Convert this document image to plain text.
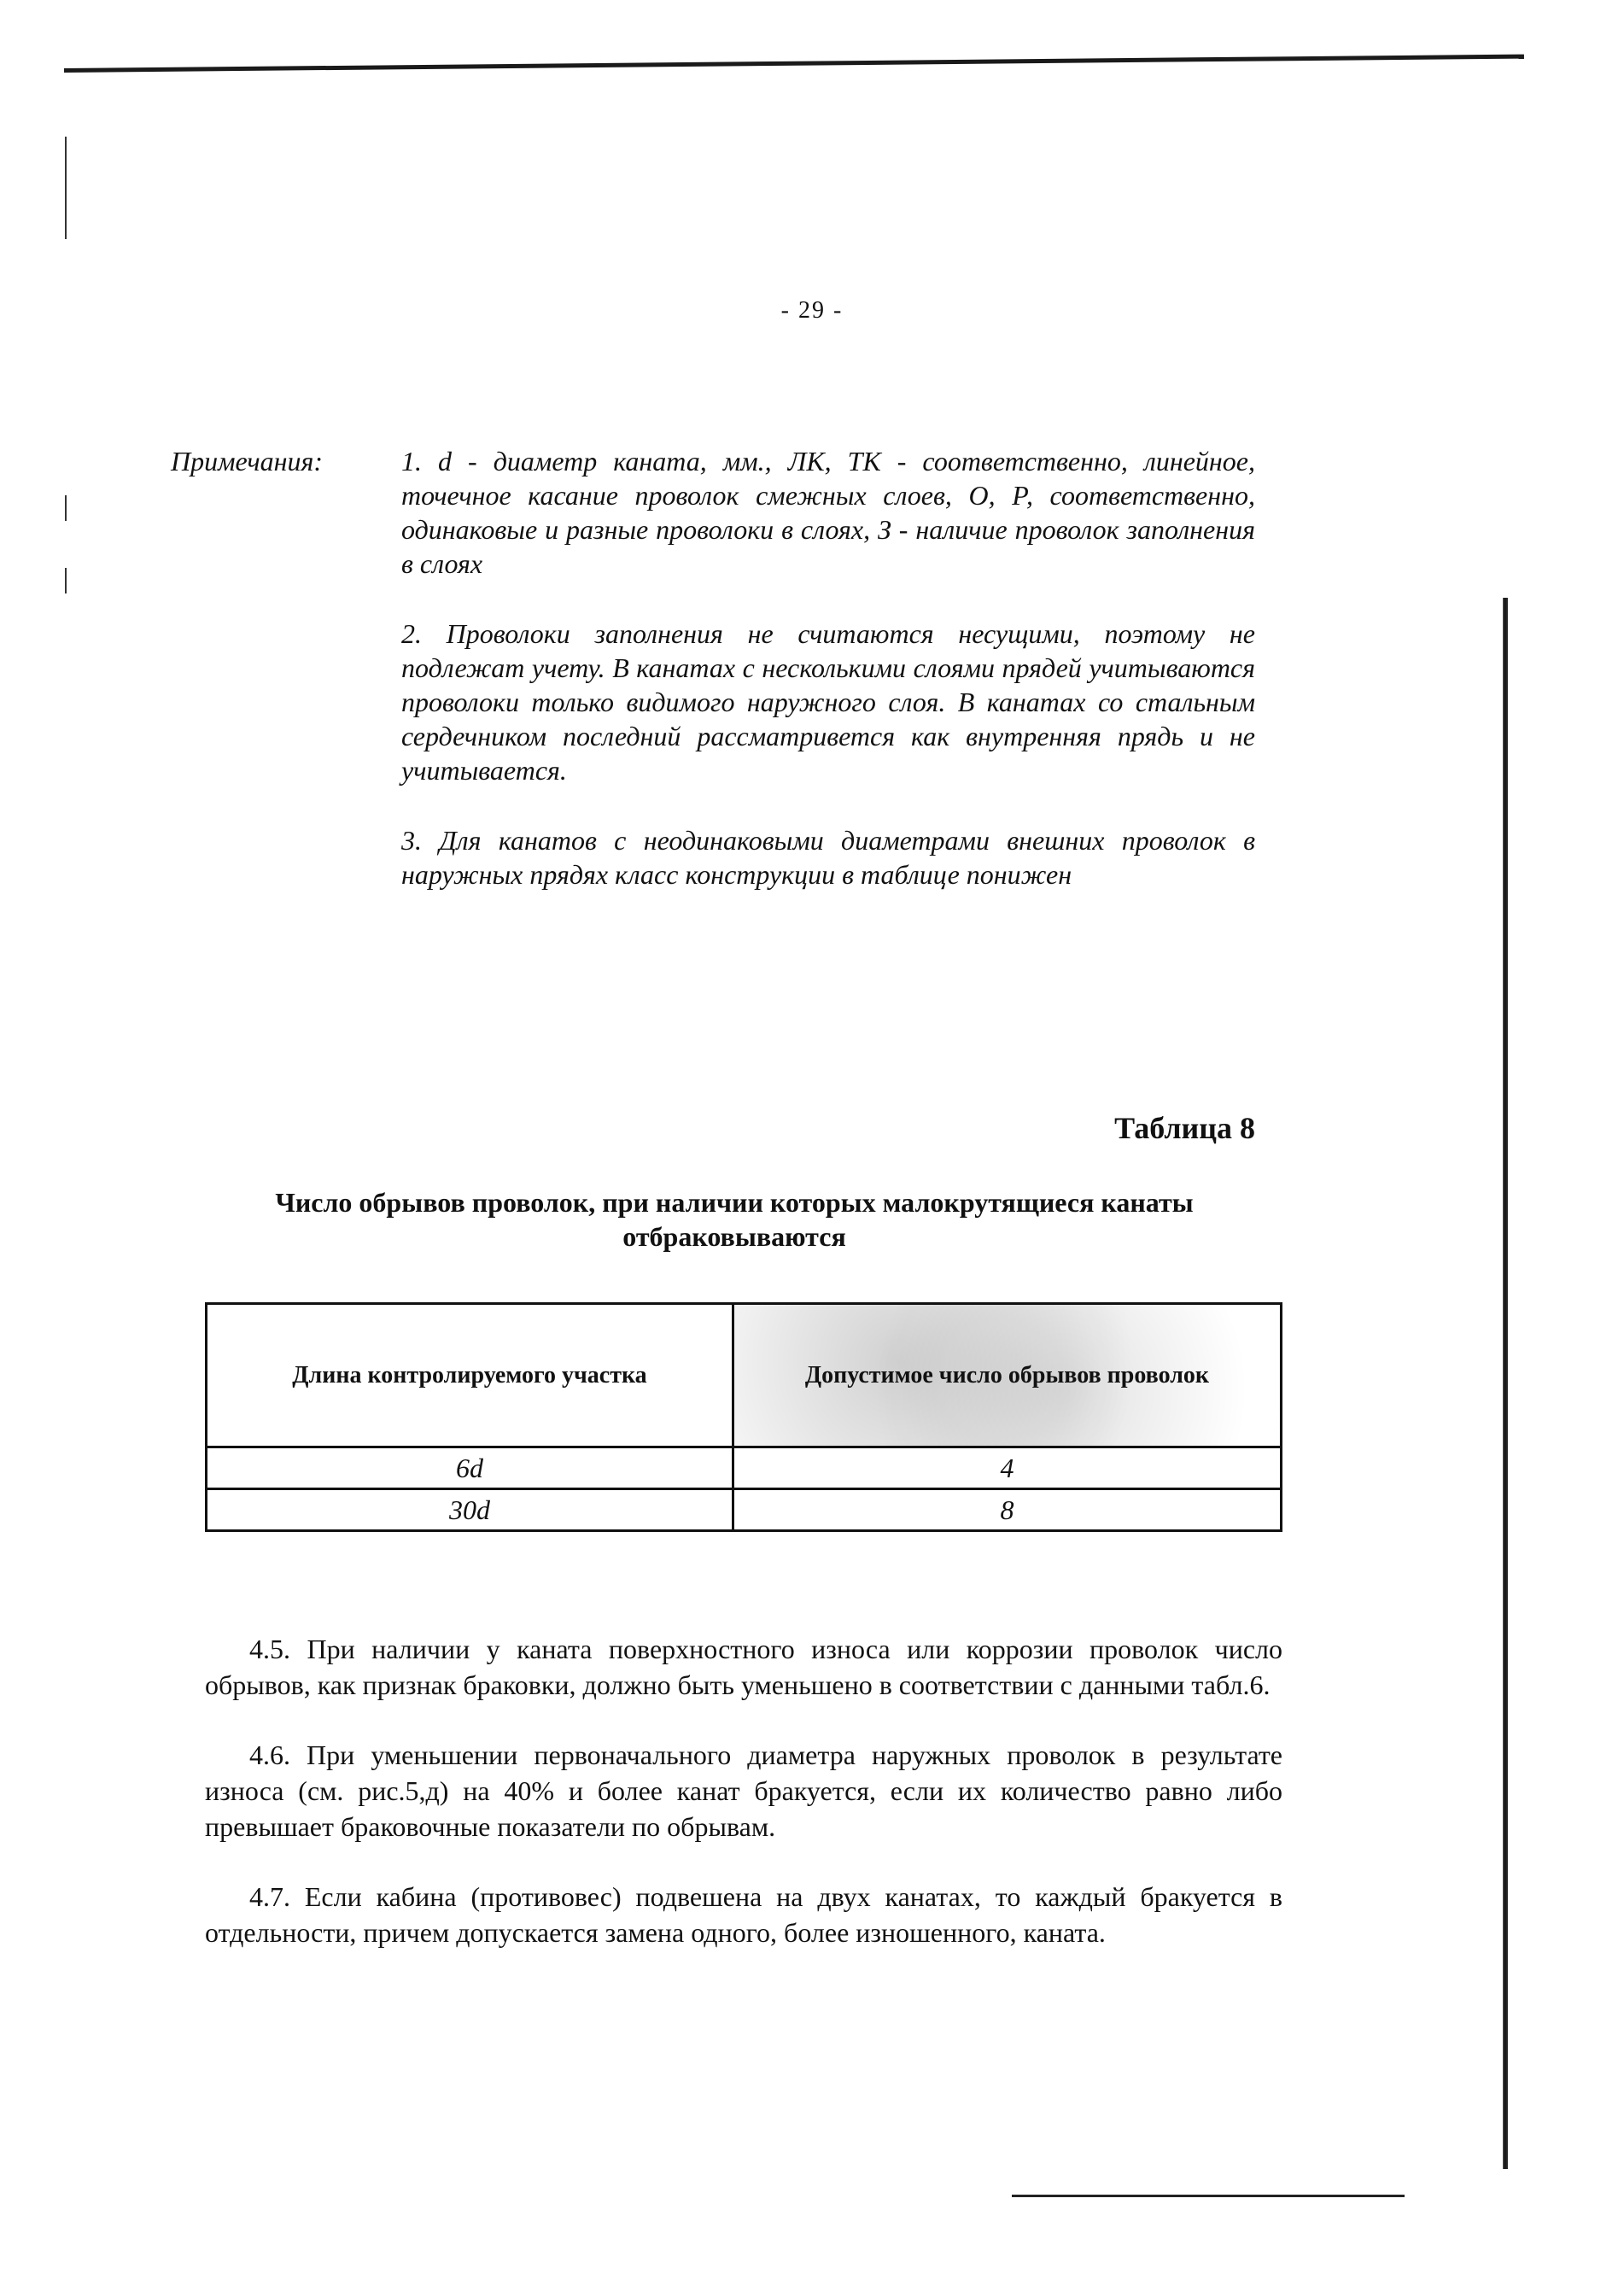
- 29 -
Примечания:	1. d - диаметр каната, мм., ЛК, ТК - соответственно, линейное, точечное касание проволок смежных слоев, О, Р, соответственно, одинаковые и разные проволоки в слоях, З - наличие проволок заполнения в слоях
2. Проволоки заполнения не считаются несущими, поэтому не подлежат учету. В канатах с несколькими слоями прядей учитываются проволоки только видимого наружного слоя. В канатах со стальным сердечником последний рассматривется как внутренняя прядь и не учитывается.
3. Для канатов с неодинаковыми диаметрами внешних проволок в наружных прядях класс конструкции в таблице понижен
Таблица 8
Число обрывов проволок, при наличии которых малокрутящиеся канаты отбраковываются
Длина контролируемого участка	Допустимое число обрывов проволок
6d	4
30d	8

4.5. При наличии у каната поверхностного износа или коррозии проволок число обрывов, как признак браковки, должно быть уменьшено в соответствии с данными табл.6.

4.6. При уменьшении первоначального диаметра наружных проволок в результате износа (см. рис.5,д) на 40% и более канат бракуется, если их количество равно либо превышает браковочные показатели по обрывам.

4.7. Если кабина (противовес) подвешена на двух канатах, то каждый бракуется в отдельности, причем допускается замена одного, более изношенного, каната.
